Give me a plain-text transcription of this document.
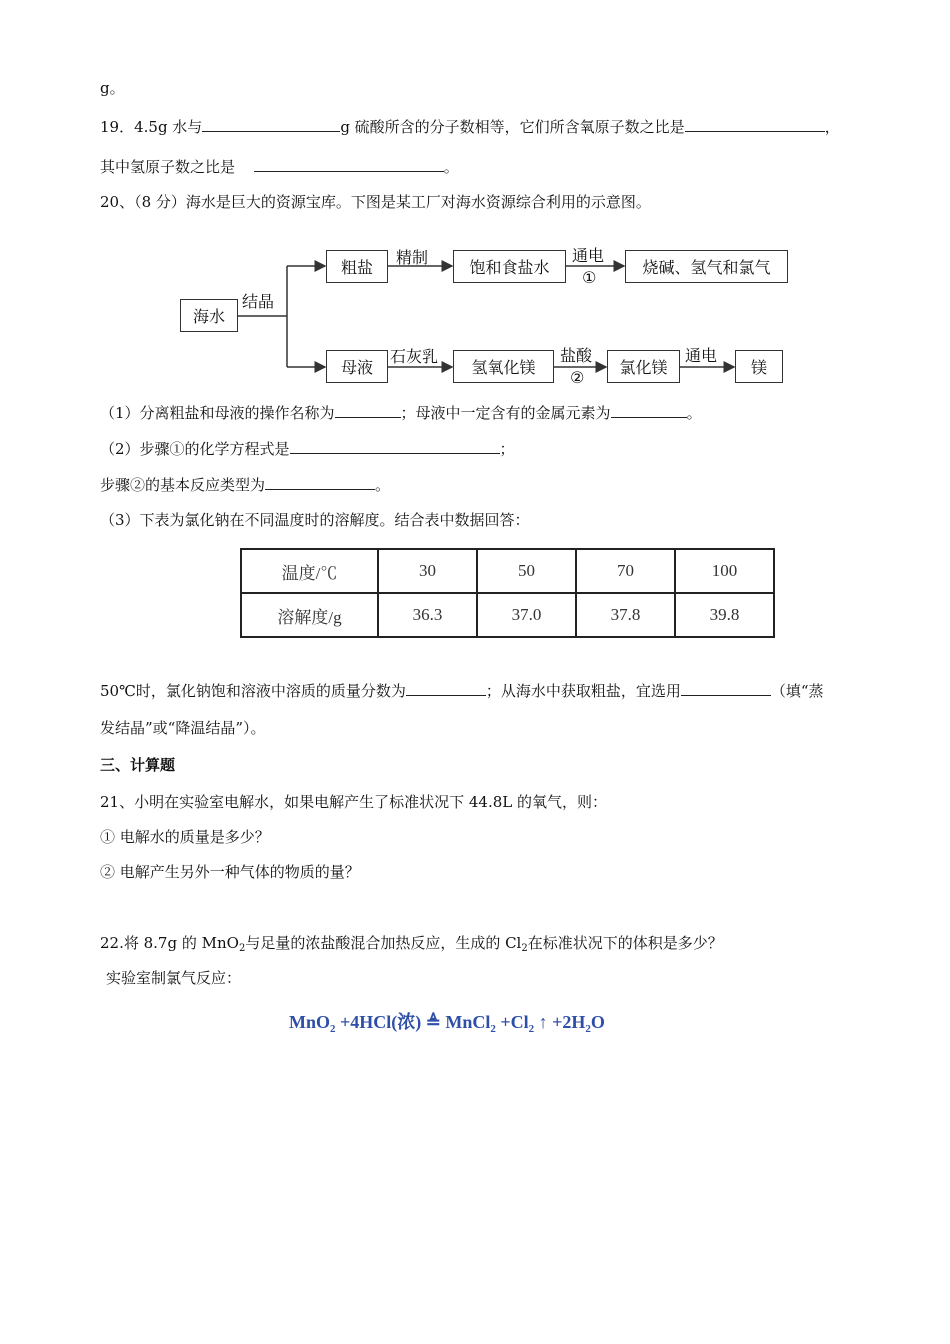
g。
19．4.5g 水与	g 硫酸所含的分子数相等，它们所含氧原子数之比是	，
其中氢原子数之比是	。
20、（8 分）海水是巨大的资源宝库。下图是某工厂对海水资源综合利用的示意图。
海水
结晶
粗盐
精制
饱和食盐水
通电
①
烧碱、氢气和氯气
母液
石灰乳
氢氧化镁
盐酸
②
氯化镁
通电
镁
（1）分离粗盐和母液的操作名称为	；母液中一定含有的金属元素为	。
（2）步骤①的化学方程式是	；
步骤②的基本反应类型为	。
（3）下表为氯化钠在不同温度时的溶解度。结合表中数据回答：
温度/℃	30	50	70	100
溶解度/g	36.3	37.0	37.8	39.8
50℃时，氯化钠饱和溶液中溶质的质量分数为	；从海水中获取粗盐，宜选用	（填“蒸
发结晶”或“降温结晶”）。
三、计算题
21、小明在实验室电解水，如果电解产生了标准状况下 44.8L 的氧气，则：
① 电解水的质量是多少？
② 电解产生另外一种气体的物质的量？
22.将 8.7g 的 MnO$_2$与足量的浓盐酸混合加热反应，生成的 $Cl_2$在标准状况下的体积是多少？
实验室制氯气反应：
MnO$_2$ +4HCl(浓) ≜ MnCl$_2$ $+Cl_2$ ↑ $+2H_2O$
